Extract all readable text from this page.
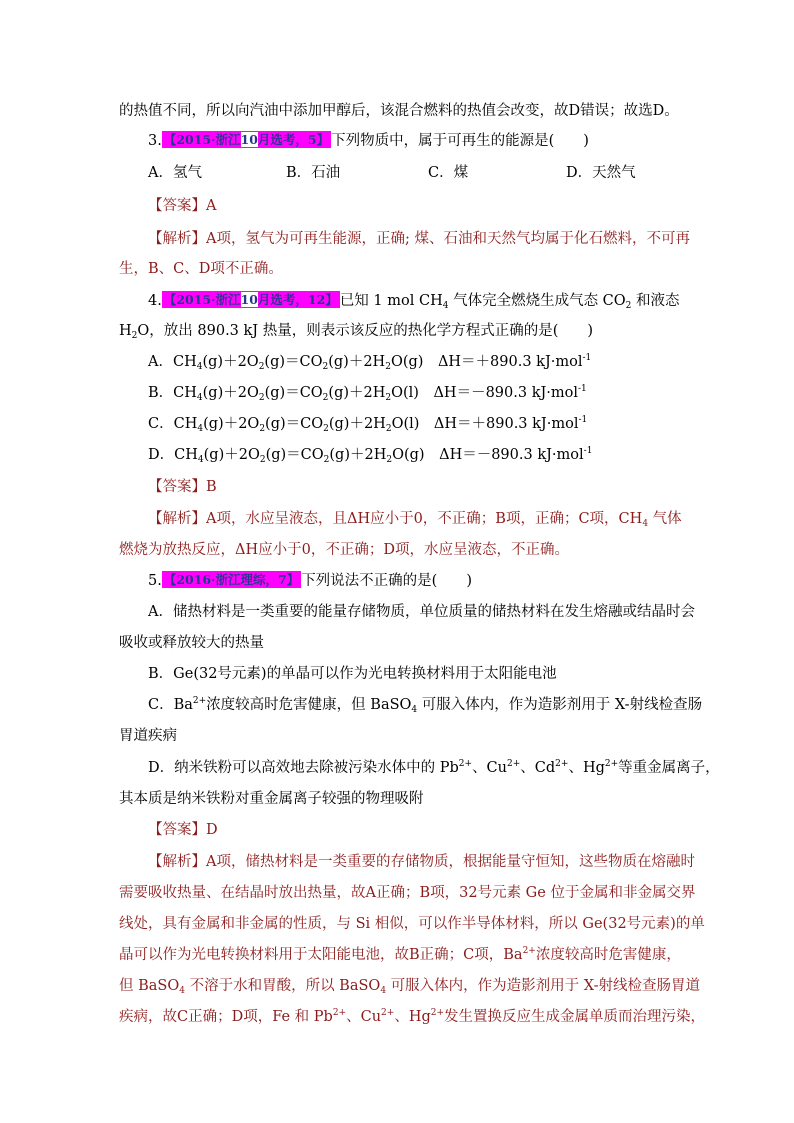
的热值不同，所以向汽油中添加甲醇后，该混合燃料的热值会改变，故D错误；故选D。
3. 【2015·浙江10月选考，5】 下列物质中，属于可再生的能源是(　　)
A．氢气	B．石油	C．煤	D．天然气
【答案】A
【解析】A项，氢气为可再生能源，正确; 煤、石油和天然气均属于化石燃料，不可再
生，B、C、D项不正确。
4. 【2015·浙江10月选考，12】 已知 1 mol $CH_4$ 气体完全燃烧生成气态 $CO_2$ 和液态
$H_2O$，放出 890.3 kJ 热量，则表示该反应的热化学方程式正确的是(　　)
A．$CH_4(g)+2O_2(g)=CO_2(g)+2H_2O(g)$  ΔH＝＋890.3 kJ·mol$^{-1}$
B．$CH_4(g)+2O_2(g)=CO_2(g)+2H_2O(l)$  ΔH＝－890.3 kJ·mol$^{-1}$
C．$CH_4(g)+2O_2(g)=CO_2(g)+2H_2O(l)$  ΔH＝＋890.3 kJ·mol$^{-1}$
D．$CH_4(g)+2O_2(g)=CO_2(g)+2H_2O(g)$  ΔH＝－890.3 kJ·mol$^{-1}$
【答案】B
【解析】A项，水应呈液态，且ΔH应小于0，不正确；B项，正确；C项，$CH_4$ 气体
燃烧为放热反应，ΔH应小于0，不正确；D项，水应呈液态，不正确。
5. 【2016·浙江理综，7】 下列说法不正确的是(　　)
A．储热材料是一类重要的能量存储物质，单位质量的储热材料在发生熔融或结晶时会
吸收或释放较大的热量
B．Ge(32号元素)的单晶可以作为光电转换材料用于太阳能电池
C．$Ba^{2+}$浓度较高时危害健康，但 BaSO$_4$ 可服入体内，作为造影剂用于 X-射线检查肠
胃道疾病
D．纳米铁粉可以高效地去除被污染水体中的 $Pb^{2+}$、$Cu^{2+}$、$Cd^{2+}$、$Hg^{2+}$等重金属离子，
其本质是纳米铁粉对重金属离子较强的物理吸附
【答案】D
【解析】A项，储热材料是一类重要的存储物质，根据能量守恒知，这些物质在熔融时
需要吸收热量、在结晶时放出热量，故A正确；B项，32号元素 Ge 位于金属和非金属交界
线处，具有金属和非金属的性质，与 Si 相似，可以作半导体材料，所以 Ge(32号元素)的单
晶可以作为光电转换材料用于太阳能电池，故B正确；C项，$Ba^{2+}$浓度较高时危害健康，
但 BaSO$_4$ 不溶于水和胃酸，所以 BaSO$_4$ 可服入体内，作为造影剂用于 X-射线检查肠胃道
疾病，故C正确；D项，Fe 和 $Pb^{2+}$、$Cu^{2+}$、$Hg^{2+}$发生置换反应生成金属单质而治理污染，
